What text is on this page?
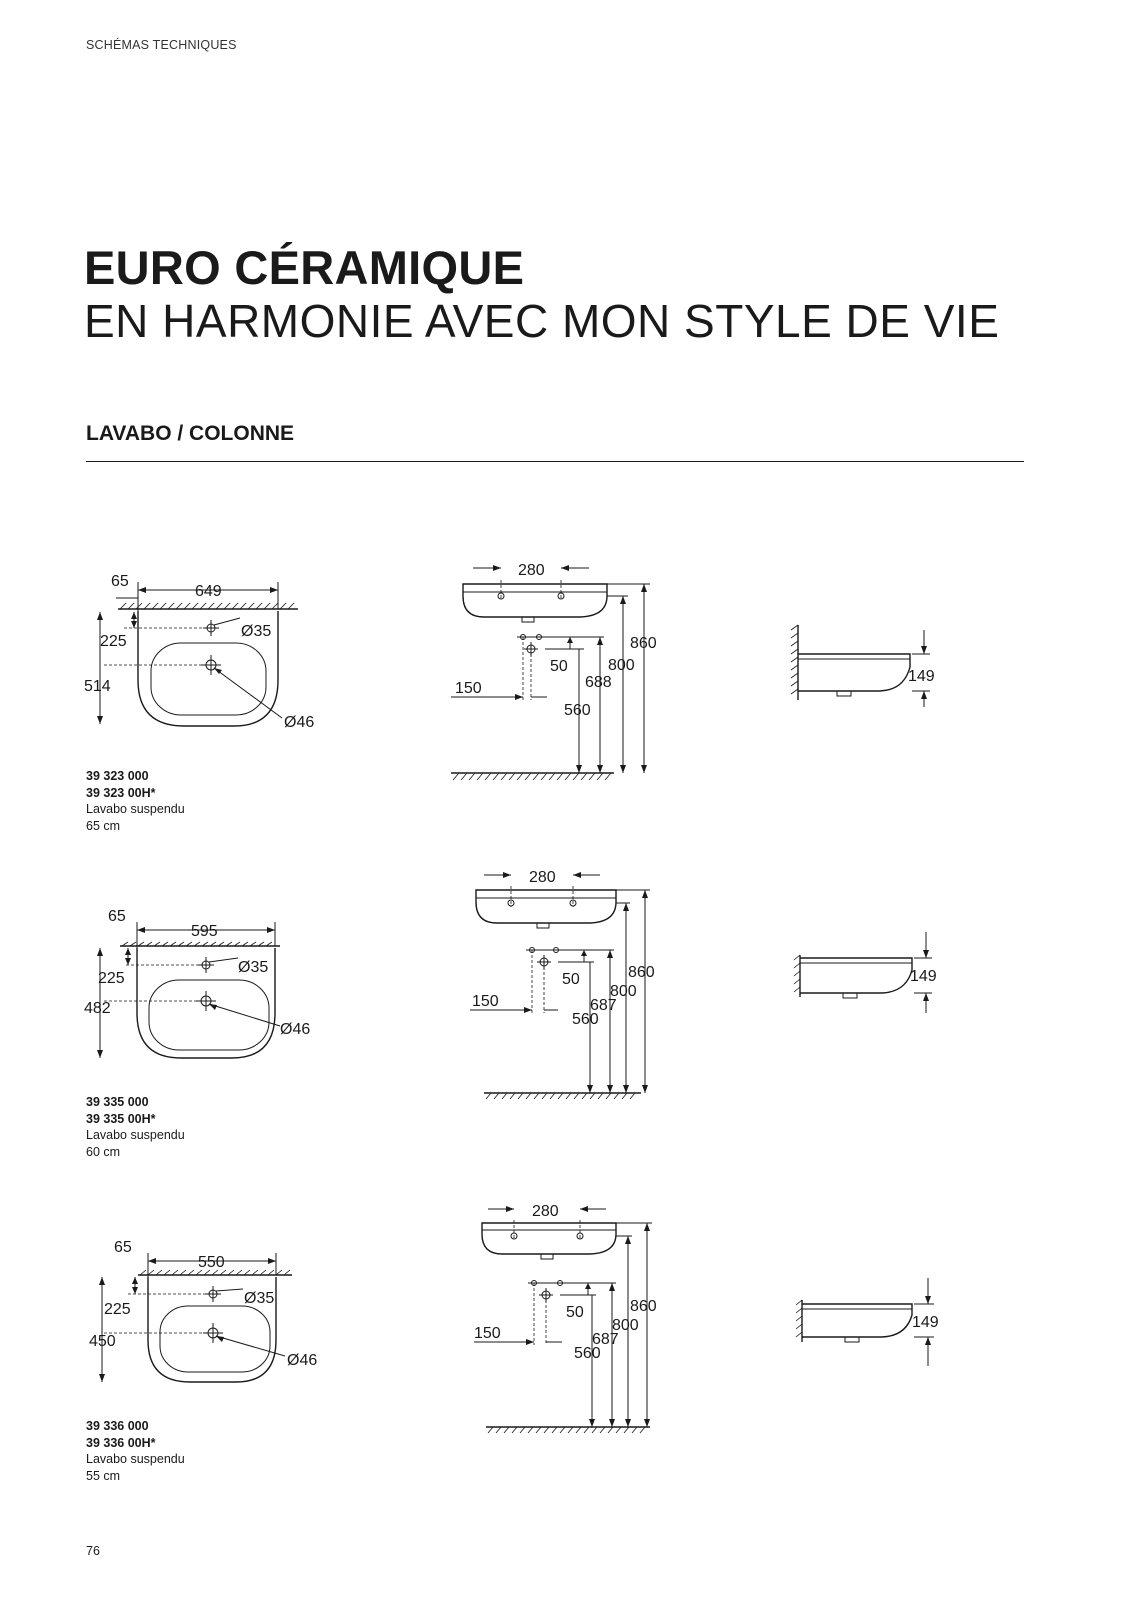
SCHÉMAS TECHNIQUES
EURO CÉRAMIQUE
EN HARMONIE AVEC MON STYLE DE VIE
LAVABO / COLONNE
649
65
514
225
Ø35
Ø46
280
150
50
860
800
688
560
149
39 323 000
39 323 00H*
Lavabo suspendu
65 cm
595
65
482
225
Ø35
Ø46
280
150
50	860
800
687
560
149
39 335 000
39 335 00H*
Lavabo suspendu
60 cm
550
65
450
225
Ø35
Ø46
280
150
50	860
800
687
560
149
39 336 000
39 336 00H*
Lavabo suspendu
55 cm
76
